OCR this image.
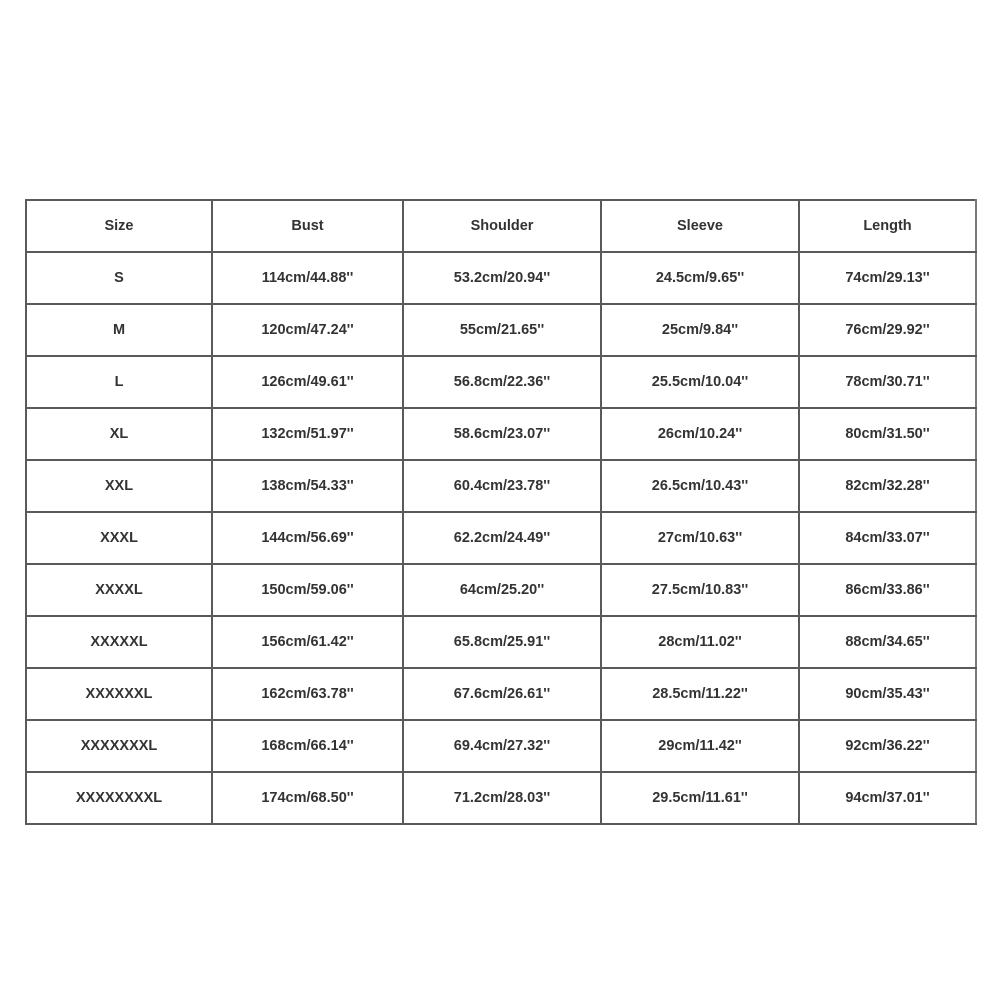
Size	Bust	Shoulder	Sleeve	Length
S	114cm/44.88''	53.2cm/20.94''	24.5cm/9.65''	74cm/29.13''
M	120cm/47.24''	55cm/21.65''	25cm/9.84''	76cm/29.92''
L	126cm/49.61''	56.8cm/22.36''	25.5cm/10.04''	78cm/30.71''
XL	132cm/51.97''	58.6cm/23.07''	26cm/10.24''	80cm/31.50''
XXL	138cm/54.33''	60.4cm/23.78''	26.5cm/10.43''	82cm/32.28''
XXXL	144cm/56.69''	62.2cm/24.49''	27cm/10.63''	84cm/33.07''
XXXXL	150cm/59.06''	64cm/25.20''	27.5cm/10.83''	86cm/33.86''
XXXXXL	156cm/61.42''	65.8cm/25.91''	28cm/11.02''	88cm/34.65''
XXXXXXL	162cm/63.78''	67.6cm/26.61''	28.5cm/11.22''	90cm/35.43''
XXXXXXXL	168cm/66.14''	69.4cm/27.32''	29cm/11.42''	92cm/36.22''
XXXXXXXXL	174cm/68.50''	71.2cm/28.03''	29.5cm/11.61''	94cm/37.01''
